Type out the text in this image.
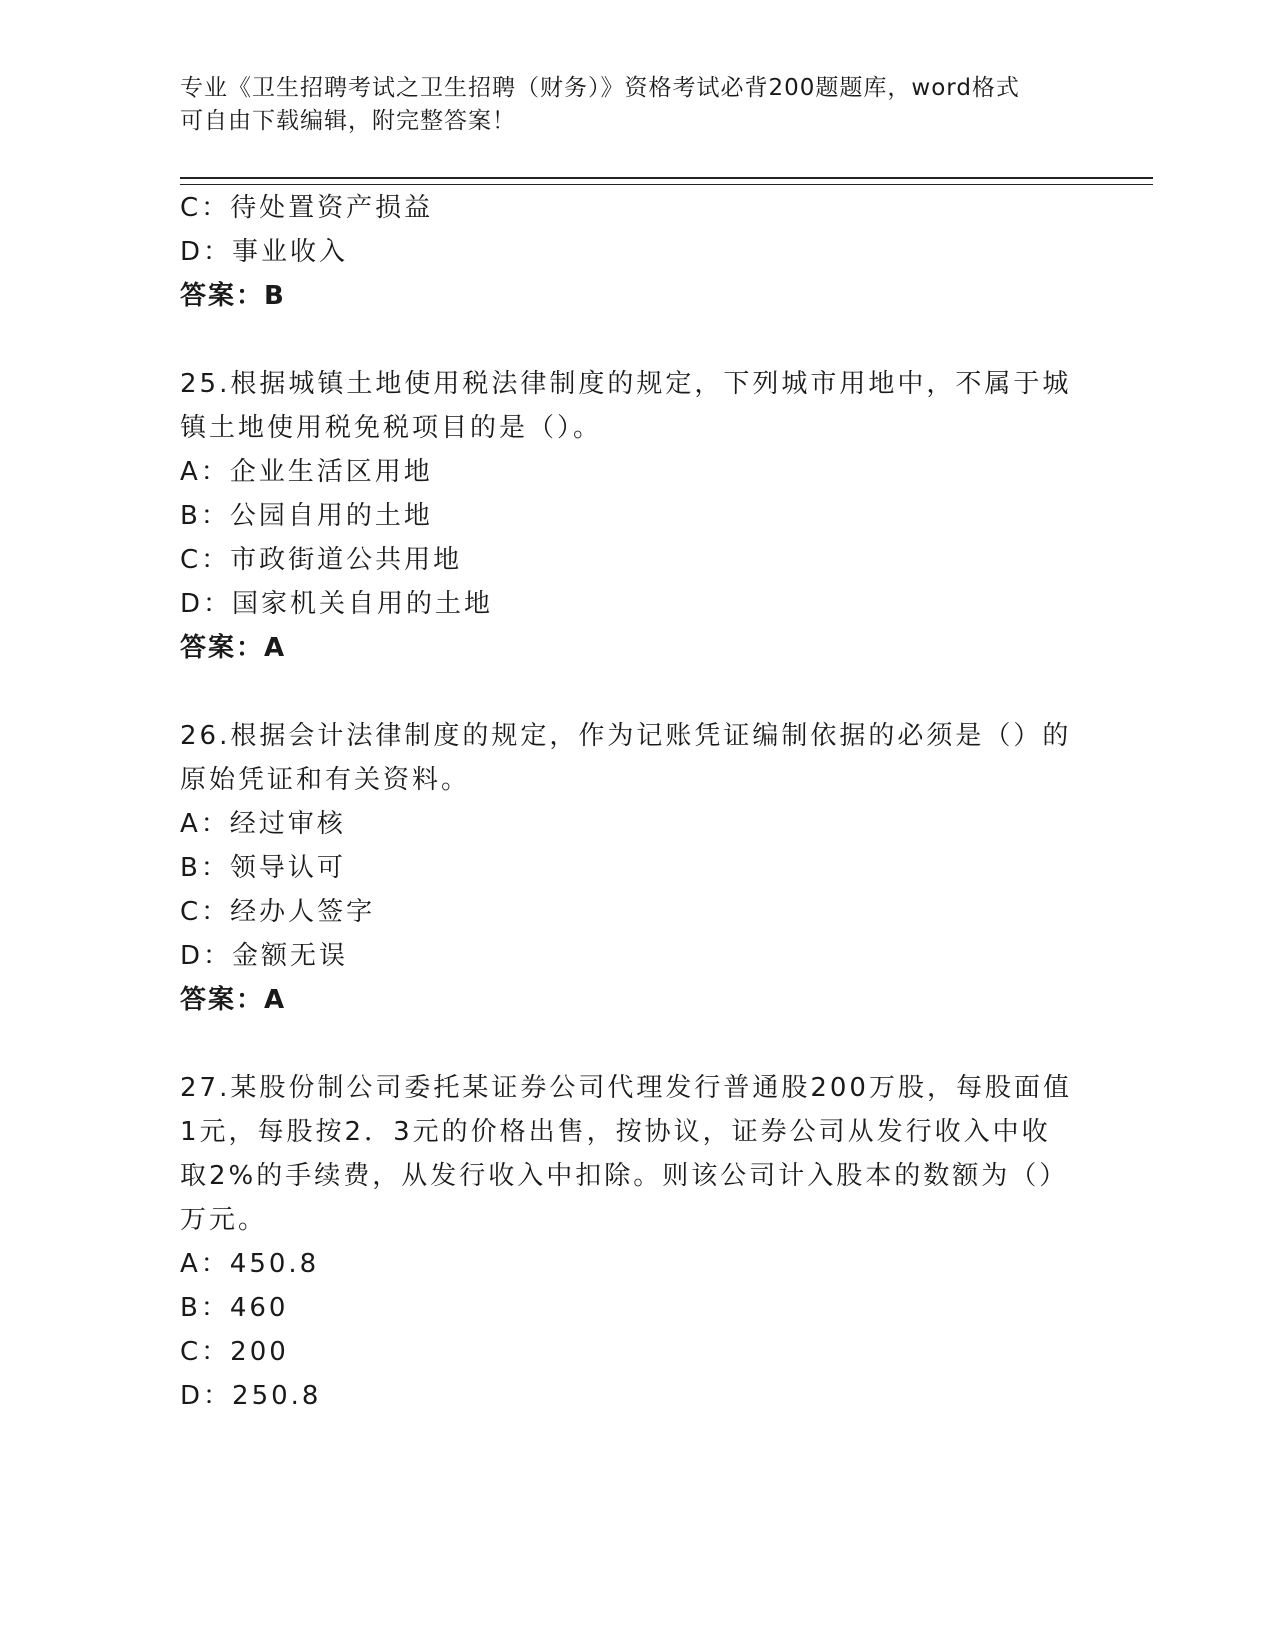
专业《卫生招聘考试之卫生招聘（财务）》资格考试必背200题题库，word格式
可自由下载编辑，附完整答案！
C：待处置资产损益
D：事业收入
答案：B
25.根据城镇土地使用税法律制度的规定，下列城市用地中，不属于城
镇土地使用税免税项目的是（）。
A：企业生活区用地
B：公园自用的土地
C：市政街道公共用地
D：国家机关自用的土地
答案：A
26.根据会计法律制度的规定，作为记账凭证编制依据的必须是（）的
原始凭证和有关资料。
A：经过审核
B：领导认可
C：经办人签字
D：金额无误
答案：A
27.某股份制公司委托某证券公司代理发行普通股200万股，每股面值
1元，每股按2．3元的价格出售，按协议，证券公司从发行收入中收
取2%的手续费，从发行收入中扣除。则该公司计入股本的数额为（）
万元。
A：450.8
B：460
C：200
D：250.8
